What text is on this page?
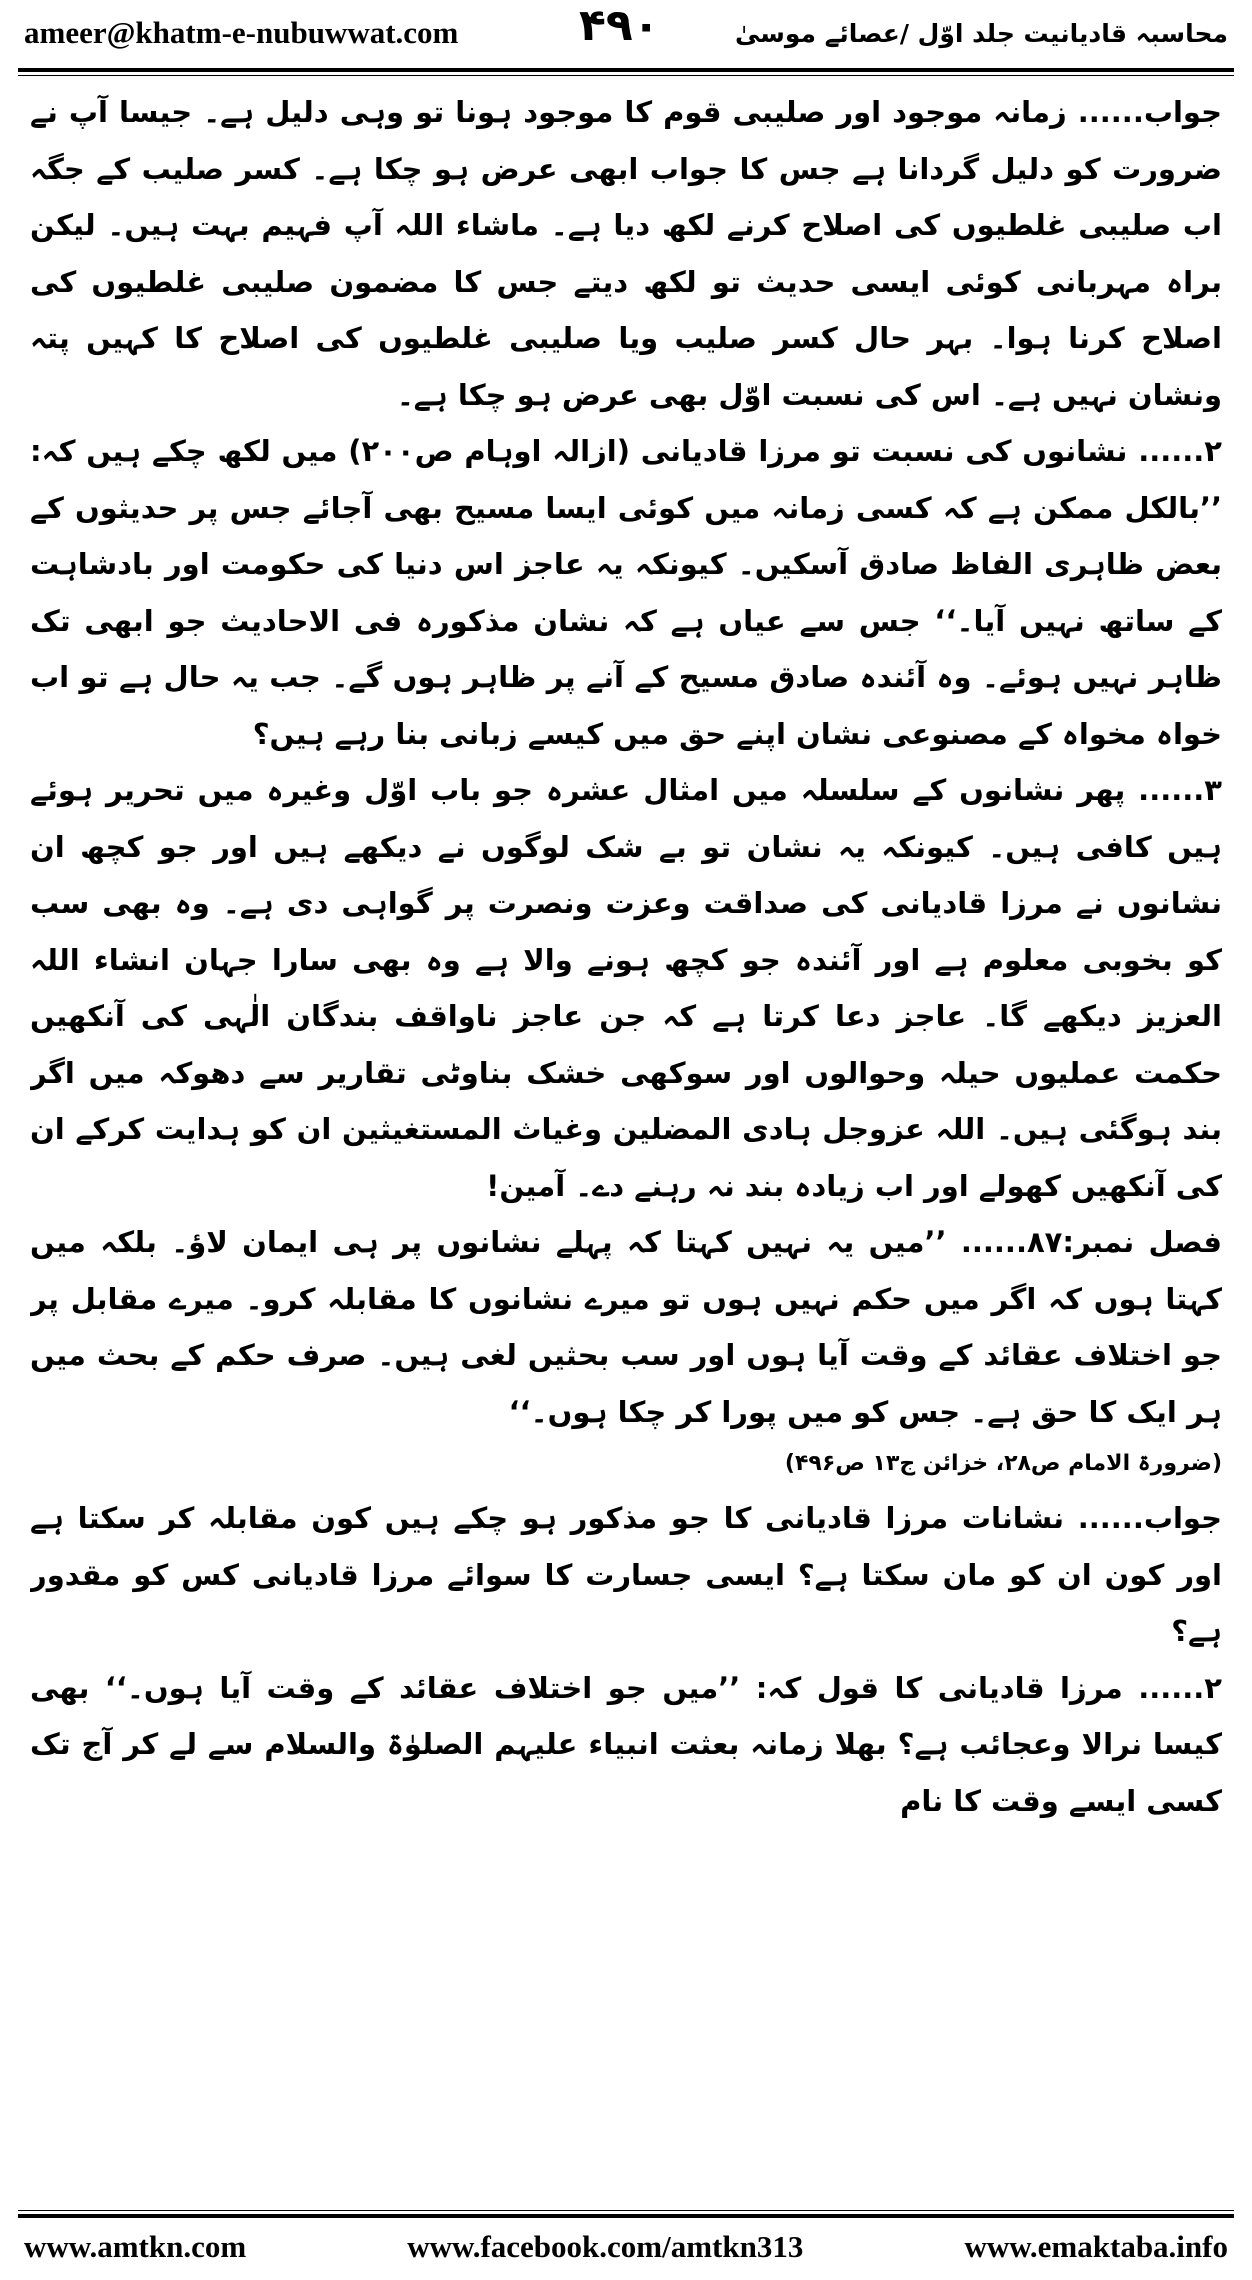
ameer@khatm-e-nubuwwat.com	۴۹۰	محاسبہ قادیانیت جلد اوّل /عصائے موسیٰ

جواب...... زمانہ موجود اور صلیبی قوم کا موجود ہونا تو وہی دلیل ہے۔ جیسا آپ نے ضرورت کو دلیل گردانا ہے جس کا جواب ابھی عرض ہو چکا ہے۔ کسر صلیب کے جگہ اب صلیبی غلطیوں کی اصلاح کرنے لکھ دیا ہے۔ ماشاء اللہ آپ فہیم بہت ہیں۔ لیکن براہ مہربانی کوئی ایسی حدیث تو لکھ دیتے جس کا مضمون صلیبی غلطیوں کی اصلاح کرنا ہوا۔ بہر حال کسر صلیب ویا صلیبی غلطیوں کی اصلاح کا کہیں پتہ ونشان نہیں ہے۔ اس کی نسبت اوّل بھی عرض ہو چکا ہے۔

۲...... نشانوں کی نسبت تو مرزا قادیانی (ازالہ اوہام ص۲۰۰) میں لکھ چکے ہیں کہ: ’’بالکل ممکن ہے کہ کسی زمانہ میں کوئی ایسا مسیح بھی آجائے جس پر حدیثوں کے بعض ظاہری الفاظ صادق آسکیں۔ کیونکہ یہ عاجز اس دنیا کی حکومت اور بادشاہت کے ساتھ نہیں آیا۔‘‘ جس سے عیاں ہے کہ نشان مذکورہ فی الاحادیث جو ابھی تک ظاہر نہیں ہوئے۔ وہ آئندہ صادق مسیح کے آنے پر ظاہر ہوں گے۔ جب یہ حال ہے تو اب خواہ مخواہ کے مصنوعی نشان اپنے حق میں کیسے زبانی بنا رہے ہیں؟

۳...... پھر نشانوں کے سلسلہ میں امثال عشرہ جو باب اوّل وغیرہ میں تحریر ہوئے ہیں کافی ہیں۔ کیونکہ یہ نشان تو بے شک لوگوں نے دیکھے ہیں اور جو کچھ ان نشانوں نے مرزا قادیانی کی صداقت وعزت ونصرت پر گواہی دی ہے۔ وہ بھی سب کو بخوبی معلوم ہے اور آئندہ جو کچھ ہونے والا ہے وہ بھی سارا جہان انشاء اللہ العزیز دیکھے گا۔ عاجز دعا کرتا ہے کہ جن عاجز ناواقف بندگان الٰہی کی آنکھیں حکمت عملیوں حیلہ وحوالوں اور سوکھی خشک بناوٹی تقاریر سے دھوکہ میں اگر بند ہوگئی ہیں۔ اللہ عزوجل ہادی المضلین وغیاث المستغیثین ان کو ہدایت کرکے ان کی آنکھیں کھولے اور اب زیادہ بند نہ رہنے دے۔ آمین!

فصل نمبر:۸۷...... ’’میں یہ نہیں کہتا کہ پہلے نشانوں پر ہی ایمان لاؤ۔ بلکہ میں کہتا ہوں کہ اگر میں حکم نہیں ہوں تو میرے نشانوں کا مقابلہ کرو۔ میرے مقابل پر جو اختلاف عقائد کے وقت آیا ہوں اور سب بحثیں لغی ہیں۔ صرف حکم کے بحث میں ہر ایک کا حق ہے۔ جس کو میں پورا کر چکا ہوں۔‘‘

(ضرورۃ الامام ص۲۸، خزائن ج۱۳ ص۴۹۶)

جواب...... نشانات مرزا قادیانی کا جو مذکور ہو چکے ہیں کون مقابلہ کر سکتا ہے اور کون ان کو مان سکتا ہے؟ ایسی جسارت کا سوائے مرزا قادیانی کس کو مقدور ہے؟

۲...... مرزا قادیانی کا قول کہ: ’’میں جو اختلاف عقائد کے وقت آیا ہوں۔‘‘ بھی کیسا نرالا وعجائب ہے؟ بھلا زمانہ بعثت انبیاء علیہم الصلوٰۃ والسلام سے لے کر آج تک کسی ایسے وقت کا نام

www.amtkn.com	www.facebook.com/amtkn313	www.emaktaba.info
